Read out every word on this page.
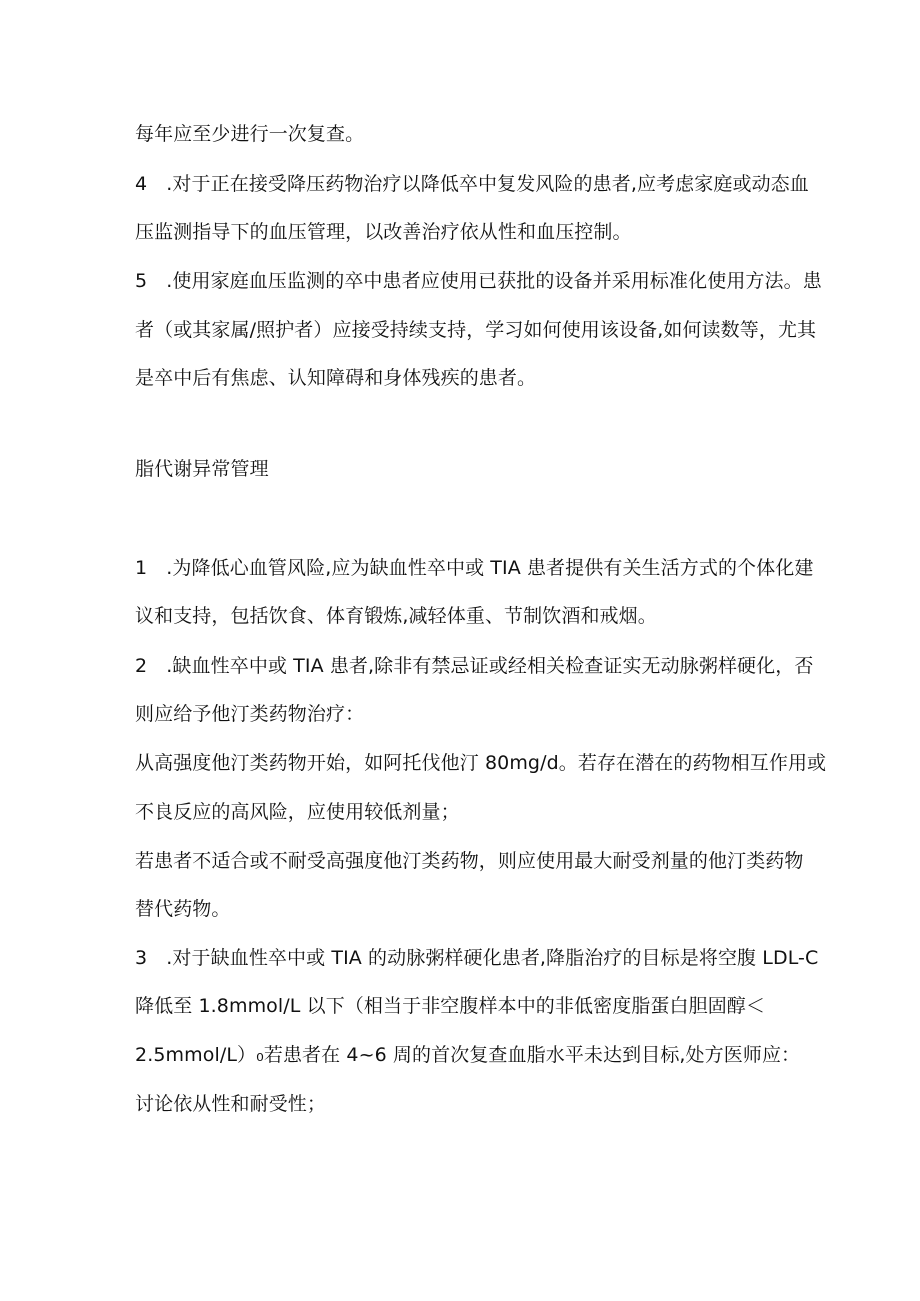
每年应至少进行一次复查。
4　.对于正在接受降压药物治疗以降低卒中复发风险的患者,应考虑家庭或动态血
压监测指导下的血压管理，以改善治疗依从性和血压控制。
5　.使用家庭血压监测的卒中患者应使用已获批的设备并采用标准化使用方法。患
者（或其家属/照护者）应接受持续支持，学习如何使用该设备,如何读数等，尤其
是卒中后有焦虑、认知障碍和身体残疾的患者。
脂代谢异常管理
1　.为降低心血管风险,应为缺血性卒中或 TIA 患者提供有关生活方式的个体化建
议和支持，包括饮食、体育锻炼,减轻体重、节制饮酒和戒烟。
2　.缺血性卒中或 TIA 患者,除非有禁忌证或经相关检查证实无动脉粥样硬化，否
则应给予他汀类药物治疗：
从高强度他汀类药物开始，如阿托伐他汀 80mg∕d。若存在潜在的药物相互作用或
不良反应的高风险，应使用较低剂量；
若患者不适合或不耐受高强度他汀类药物，则应使用最大耐受剂量的他汀类药物
替代药物。
3　.对于缺血性卒中或 TIA 的动脉粥样硬化患者,降脂治疗的目标是将空腹 LDL-C
降低至 1.8mmol/L 以下（相当于非空腹样本中的非低密度脂蛋白胆固醇＜
2.5mmol/L）₀若患者在 4~6 周的首次复查血脂水平未达到目标,处方医师应：
讨论依从性和耐受性；
